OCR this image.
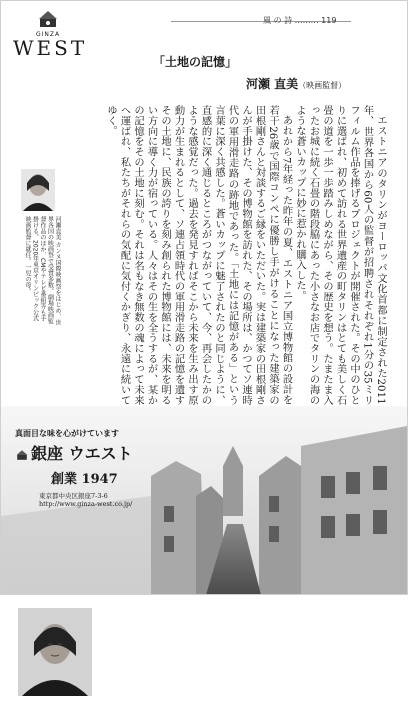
GINZA
WEST
風 の 詩 ……… 119
「土地の記憶」
河瀬 直美（映画監督）

エストニアのタリンがヨーロッパ文化首都に制定された2011年、世界各国から60人の監督が招聘されそれぞれ1分の35ミリフィルム作品を捧げるプロジェクトが開催された。その中のひとりに選ばれ、初めて訪れる世界遺産の町タリンはとても美しく石畳の道を一歩一歩踏みしめながら、その歴史を想う。たまたま入ったお城に続く石畳の階段脇にあった小さなお店でタリンの海のような蒼いカップに妙に惹かれ購入した。

あれから7年経った昨年の夏、エストニア国立博物館の設計を若干26歳で国際コンペに優勝し手がけることになった建築家の田根剛さんと対談するご縁をいただいた。実は建築家の田根剛さんが手掛けた、その博物館を訪れた、その場所は、かつてソ連時代の軍用滑走路の跡地であった。「土地には記憶がある」という言葉に深く共感した。蒼いカップに魅了されたのと同じように、直感的に深く通じるところがつながっていて、今、再会したかのような感覚だった。過去を発見すればそこから未来を生み出す原動力が生まれるとして、ソ連占領時代の軍用滑走路の記憶を遺すその土地に、民族の誇りを刻み創られた博物館には、未来を明るい方向に導く力が宿っている。人々はその生を全うするが、某かの記憶をその土地に刻む。それは名もなき無数の魂によって未来へ運ばれ、私たちがそれらの気配に気付くかぎり、永遠に続いてゆく。

河瀬直美 カンヌ国際映画祭をはじめ、世界各国の映画祭で受賞多数。劇場映画監督作品のほか、CMやテレビ番組等も手掛ける。2020年東京オリンピック公式映画監督に就任。一児の母。
真面目な味を心がけています
銀座 ウエスト
創業 1947
東京都中央区銀座7-3-6
http://www.ginza-west.co.jp/
